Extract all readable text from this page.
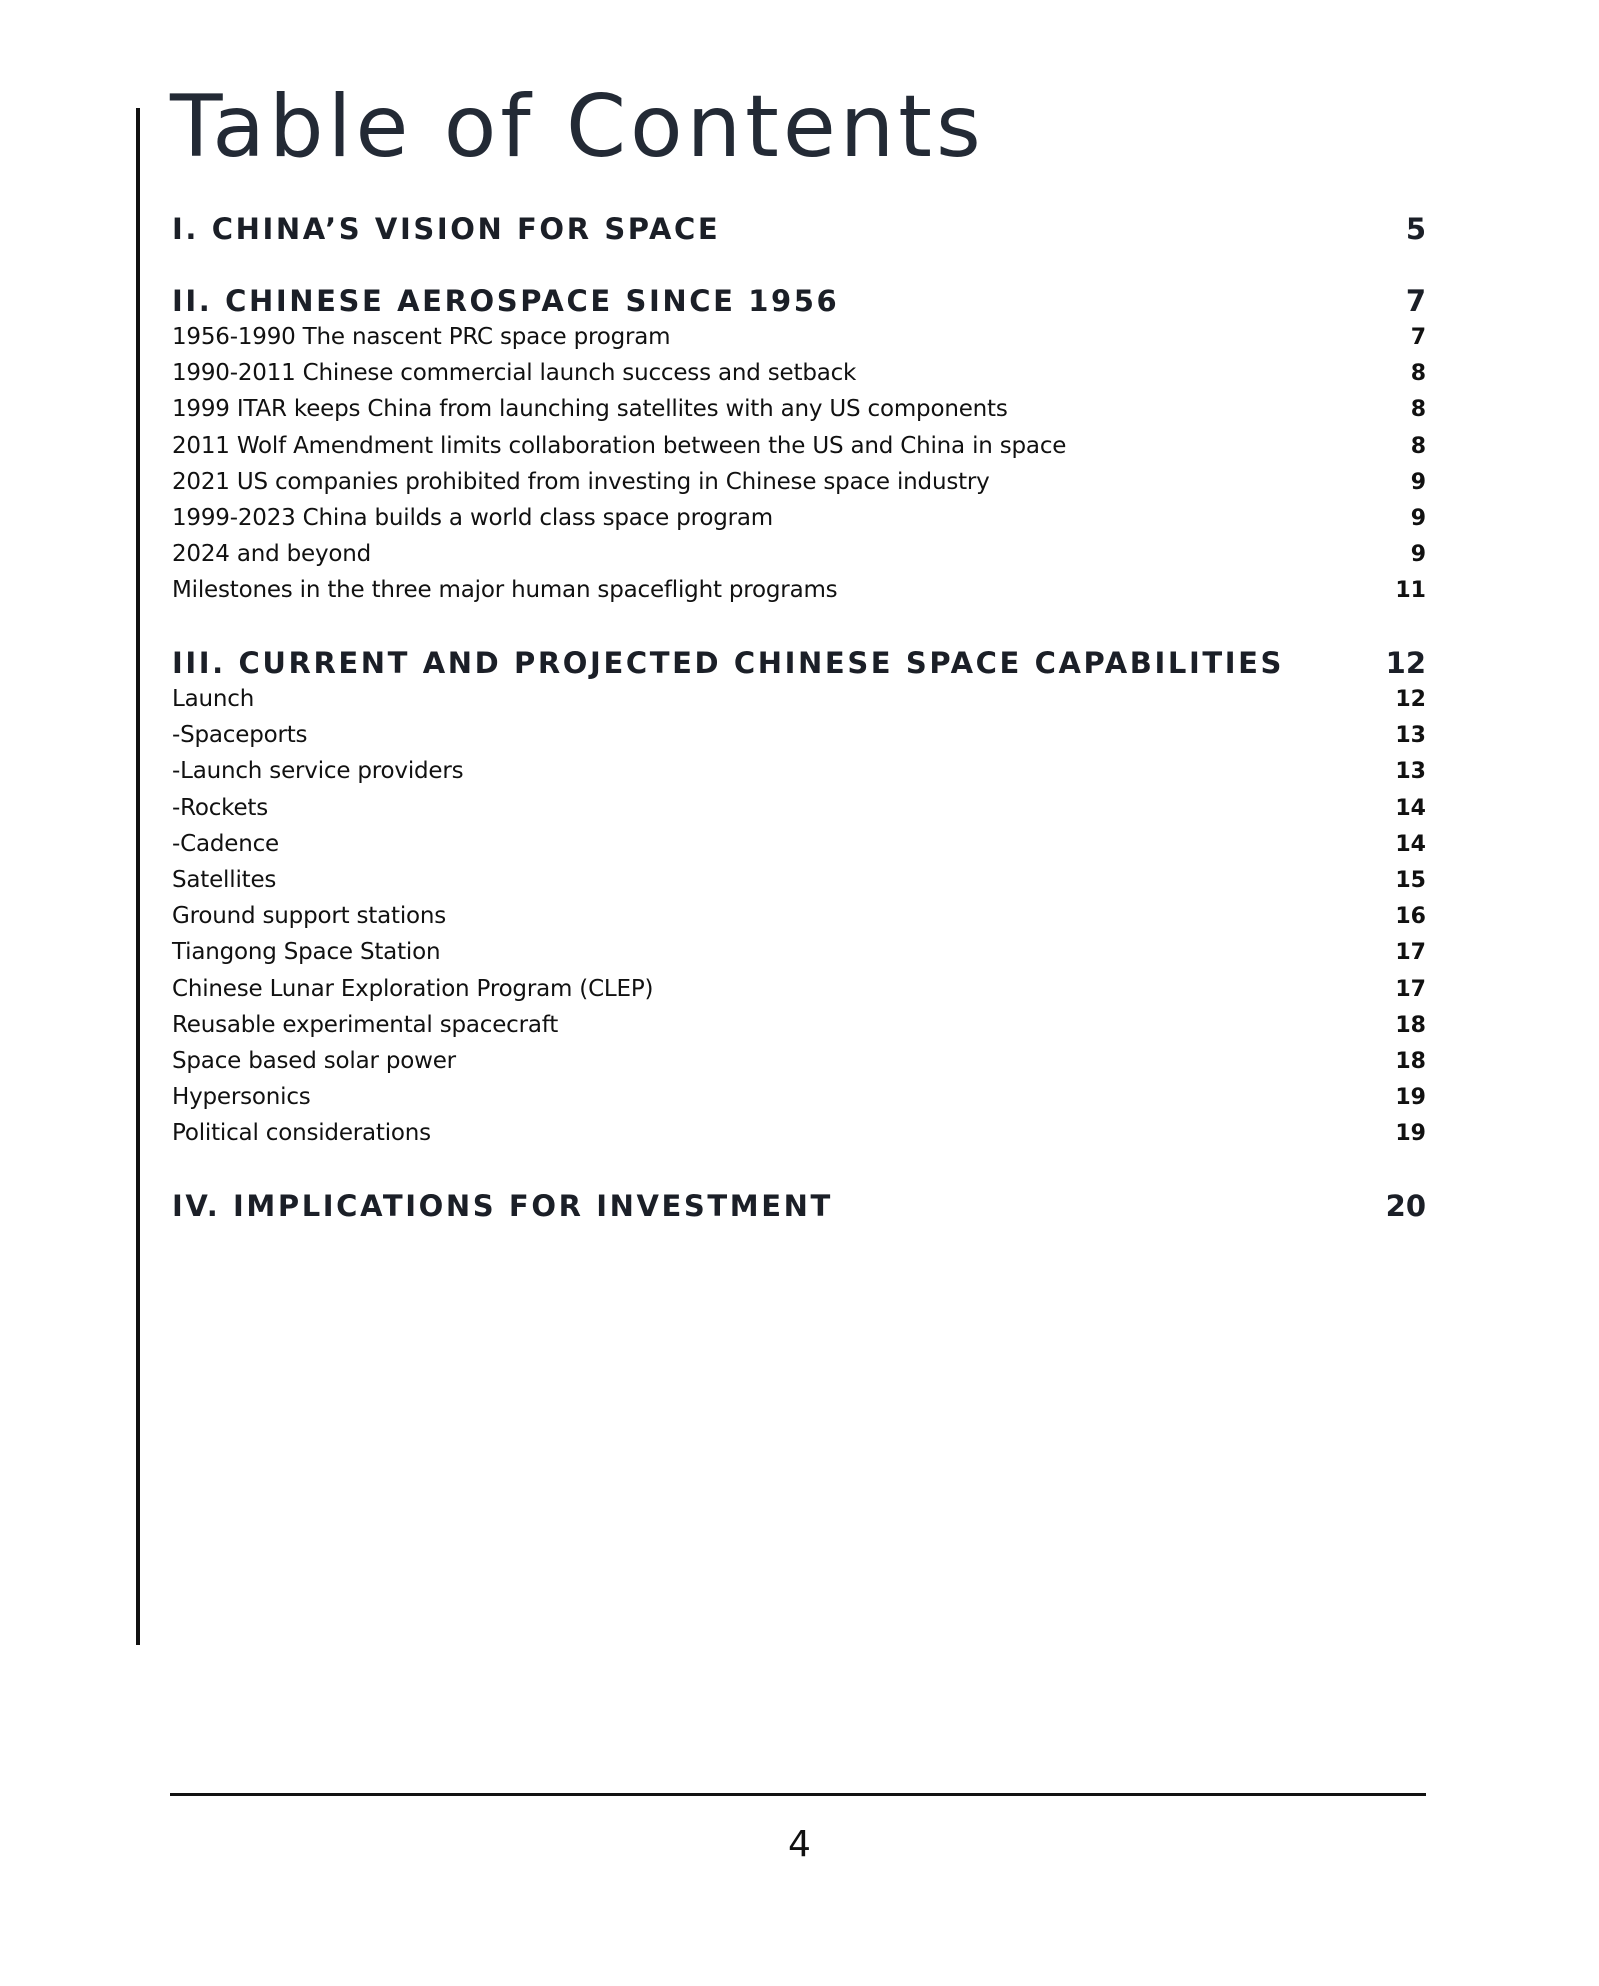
Table of Contents
I. CHINA’S VISION FOR SPACE	5
II. CHINESE AEROSPACE SINCE 1956	7
1956-1990 The nascent PRC space program	7
1990-2011 Chinese commercial launch success and setback	8
1999 ITAR keeps China from launching satellites with any US components	8
2011 Wolf Amendment limits collaboration between the US and China in space	8
2021 US companies prohibited from investing in Chinese space industry	9
1999-2023 China builds a world class space program	9
2024 and beyond	9
Milestones in the three major human spaceflight programs	11
III. CURRENT AND PROJECTED CHINESE SPACE CAPABILITIES	12
Launch	12
-Spaceports	13
-Launch service providers	13
-Rockets	14
-Cadence	14
Satellites	15
Ground support stations	16
Tiangong Space Station	17
Chinese Lunar Exploration Program (CLEP)	17
Reusable experimental spacecraft	18
Space based solar power	18
Hypersonics	19
Political considerations	19
IV. IMPLICATIONS FOR INVESTMENT	20
4
